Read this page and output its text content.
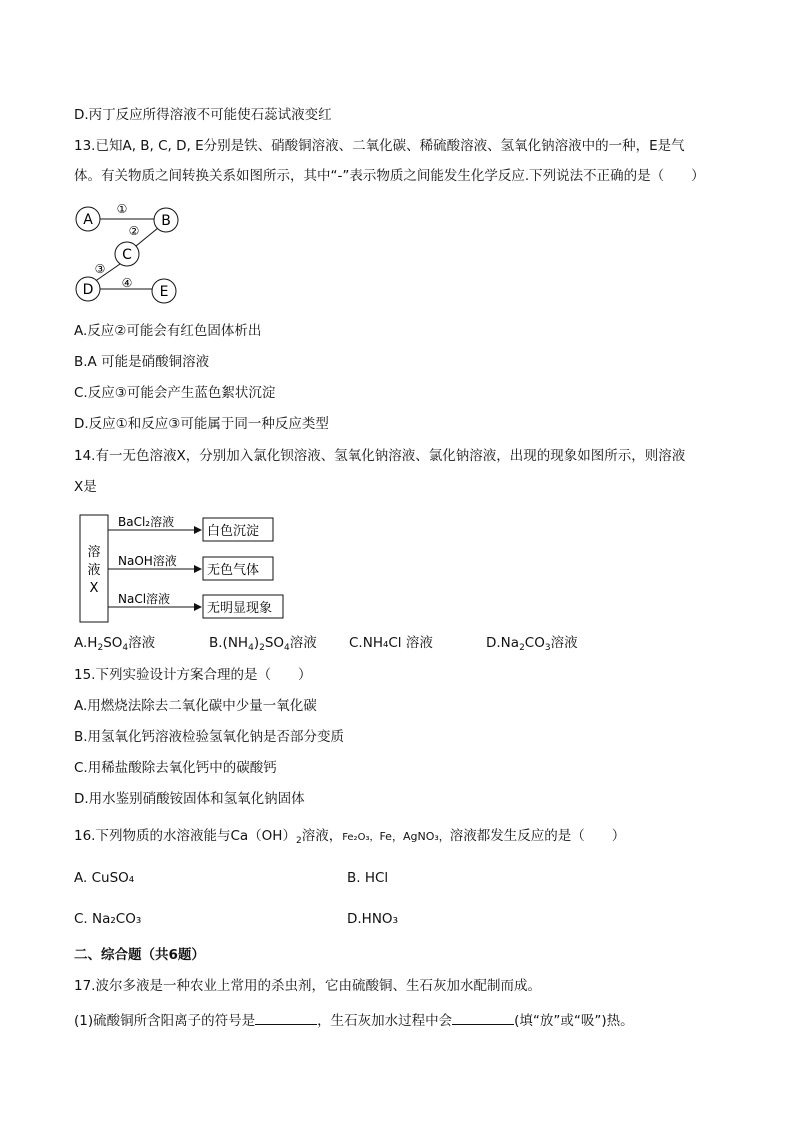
D.丙丁反应所得溶液不可能使石蕊试液变红
13.已知A, B, C, D, E分别是铁、硝酸铜溶液、二氧化碳、稀硫酸溶液、氢氧化钠溶液中的一种，E是气
体。有关物质之间转换关系如图所示，其中“-”表示物质之间能发生化学反应.下列说法不正确的是（　　）
A	B
C
D	E
①
②
③
④
A.反应②可能会有红色固体析出
B.A 可能是硝酸铜溶液
C.反应③可能会产生蓝色絮状沉淀
D.反应①和反应③可能属于同一种反应类型
14.有一无色溶液X，分别加入氯化钡溶液、氢氧化钠溶液、氯化钠溶液，出现的现象如图所示，则溶液
X是
溶
液
X
BaCl₂溶液
NaOH溶液
NaCl溶液
白色沉淀
无色气体
无明显现象
$A.H_2SO_4$溶液	$B.(NH_4)_2SO_4$溶液 C.NH₄Cl 溶液	$D.Na_2CO_3$溶液
15.下列实验设计方案合理的是（　　）
A.用燃烧法除去二氧化碳中少量一氧化碳
B.用氢氧化钙溶液检验氢氧化钠是否部分变质
C.用稀盐酸除去氧化钙中的碳酸钙
D.用水鉴别硝酸铵固体和氢氧化钠固体
16.下列物质的水溶液能与$Ca(OH)_2$溶液，Fe₂O₃，Fe，AgNO₃，溶液都发生反应的是（　　）
A. CuSO₄	B. HCl
C. Na₂CO₃	D.HNO₃
二、综合题（共6题）
17.波尔多液是一种农业上常用的杀虫剂，它由硫酸铜、生石灰加水配制而成。
(1)硫酸铜所含阳离子的符号是	，生石灰加水过程中会	(填“放”或“吸”)热。
